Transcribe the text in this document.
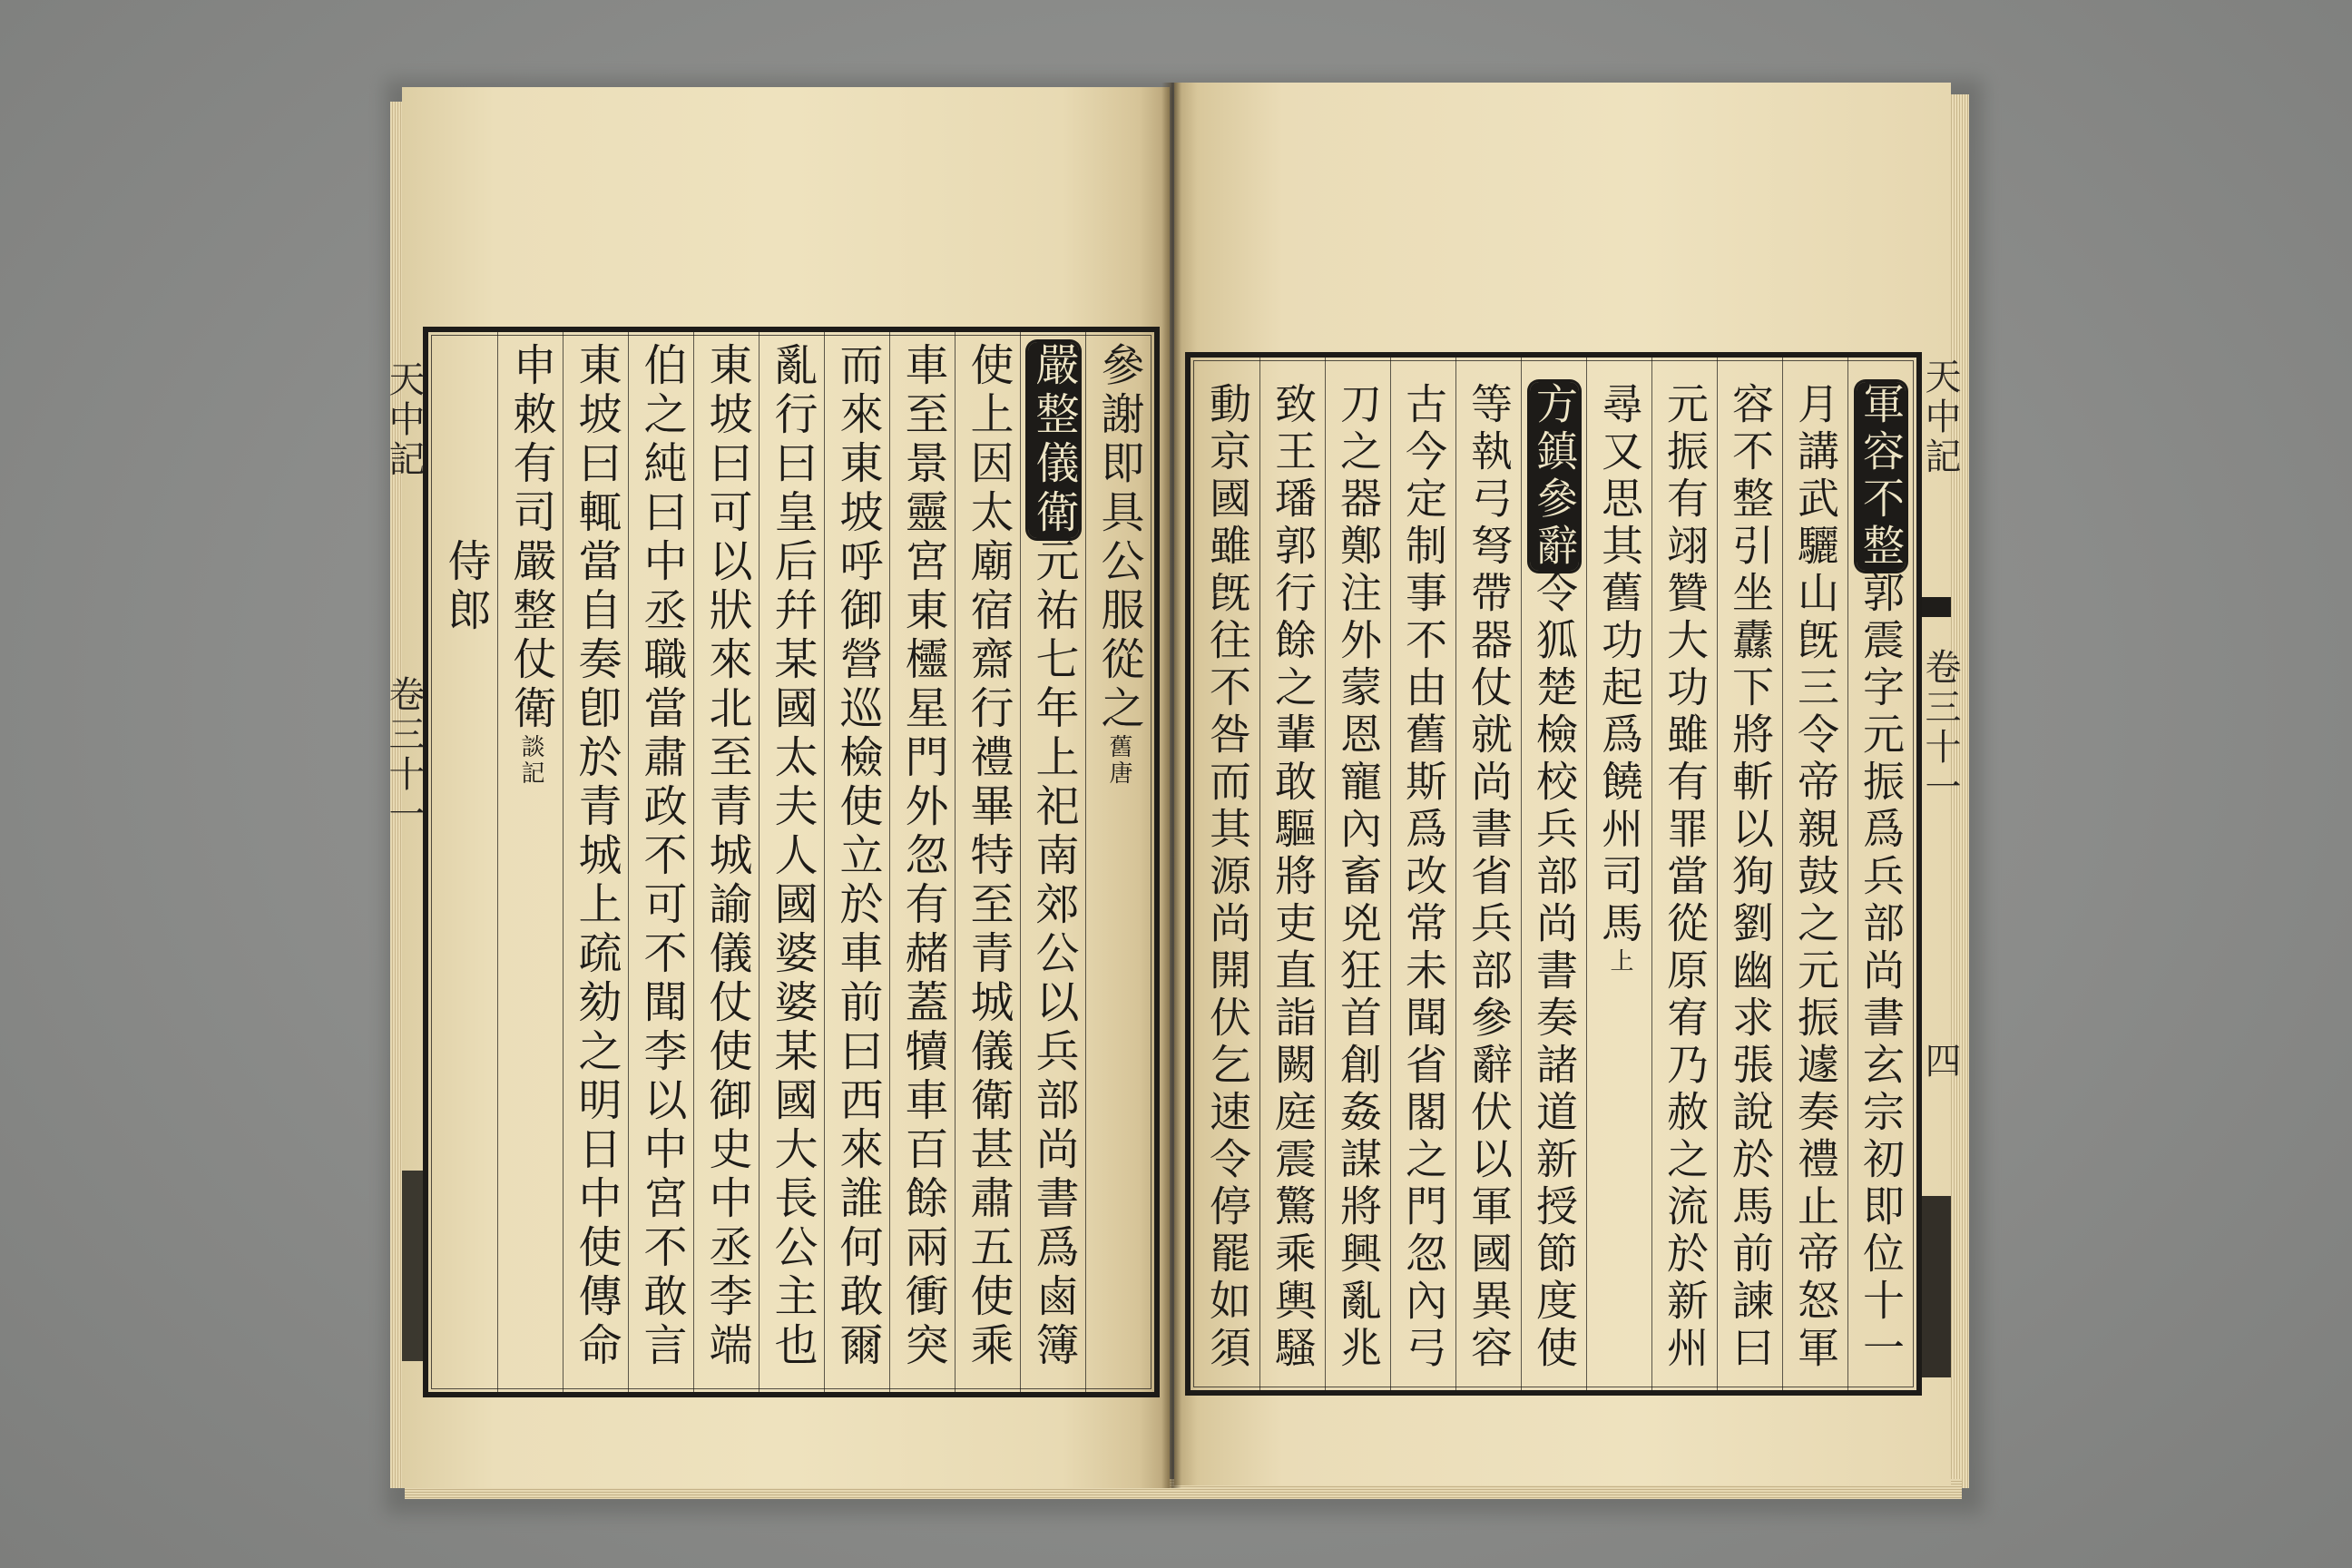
天中記
卷三十一
參謝即具公服從之舊唐
嚴整儀衛元祐七年上祀南郊公以兵部尚書爲鹵簿
使上因太廟宿齋行禮畢特至青城儀衛甚肅五使乘
車至景靈宮東欞星門外忽有赭蓋犢車百餘兩衝突
而來東坡呼御營巡檢使立於車前曰西來誰何敢爾
亂行曰皇后幷某國太夫人國婆婆某國大長公主也
東坡曰可以狀來北至青城諭儀仗使御史中丞李端
伯之純曰中丞職當肅政不可不聞李以中宮不敢言
東坡曰輒當自奏卽於青城上疏劾之明日中使傳命
申敕有司嚴整仗衛談記
侍郎
軍容不整郭震字元振爲兵部尚書玄宗初即位十一
月講武驪山旣三令帝親鼓之元振遽奏禮止帝怒軍
容不整引坐纛下將斬以狥劉幽求張說於馬前諫曰
元振有翊贊大功雖有罪當從原宥乃赦之流於新州
尋又思其舊功起爲饒州司馬上
方鎮參辭令狐楚檢校兵部尚書奏諸道新授節度使
等執弓弩帶器仗就尚書省兵部參辭伏以軍國異容
古今定制事不由舊斯爲改常未聞省閣之門忽內弓
刀之器鄭注外蒙恩寵內畜兇狂首創姦謀將興亂兆
致王璠郭行餘之輩敢驅將吏直詣闕庭震驚乘輿騷
動京國雖旣往不咎而其源尚開伏乞速令停罷如須	天中記
卷三十一
四
